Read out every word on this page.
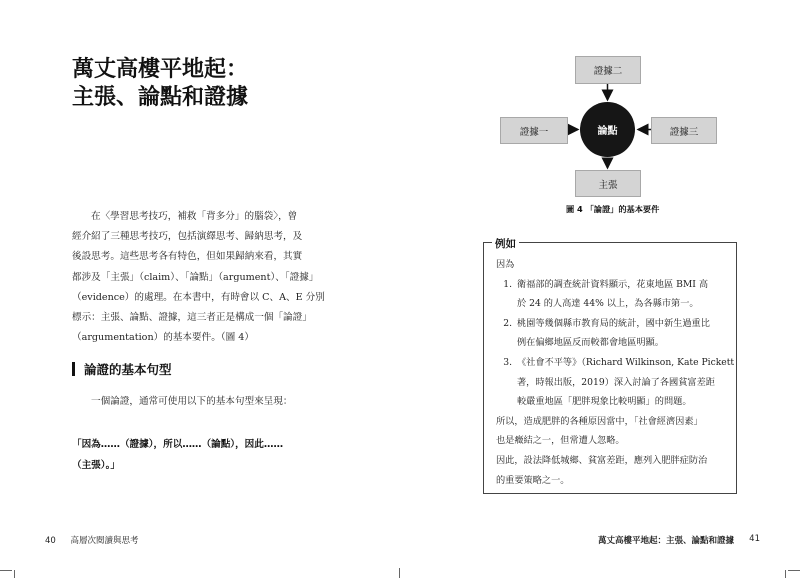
萬丈高樓平地起：
主張、論點和證據
在〈學習思考技巧，補救「背多分」的腦袋〉，曾
經介紹了三種思考技巧，包括演繹思考、歸納思考，及
後設思考。這些思考各有特色，但如果歸納來看，其實
都涉及「主張」（claim）、「論點」（argument）、「證據」
（evidence）的處理。在本書中，有時會以 C、A、E 分別
標示：主張、論點、證據，這三者正是構成一個「論證」
（argumentation）的基本要件。（圖 4）
論證的基本句型
一個論證，通常可使用以下的基本句型來呈現：
「因為……（證據），所以……（論點），因此……
（主張）。」
40 高層次閱讀與思考
證據二
證據一	證據三
主張
論點
圖 4 「論證」的基本要件
例如
因為
1. 衛福部的調查統計資料顯示，花東地區 BMI 高
於 24 的人高達 44% 以上，為各縣市第一。
2. 桃園等幾個縣市教育局的統計，國中新生過重比
例在偏鄉地區反而較都會地區明顯。
3. 《社會不平等》（Richard Wilkinson, Kate Pickett
著，時報出版，2019）深入討論了各國貧富差距
較嚴重地區「肥胖現象比較明顯」的問題。
所以，造成肥胖的各種原因當中，「社會經濟因素」
也是癥結之一，但常遭人忽略。
因此，設法降低城鄉、貧富差距，應列入肥胖症防治
的重要策略之一。
萬丈高樓平地起：主張、論點和證據 41
